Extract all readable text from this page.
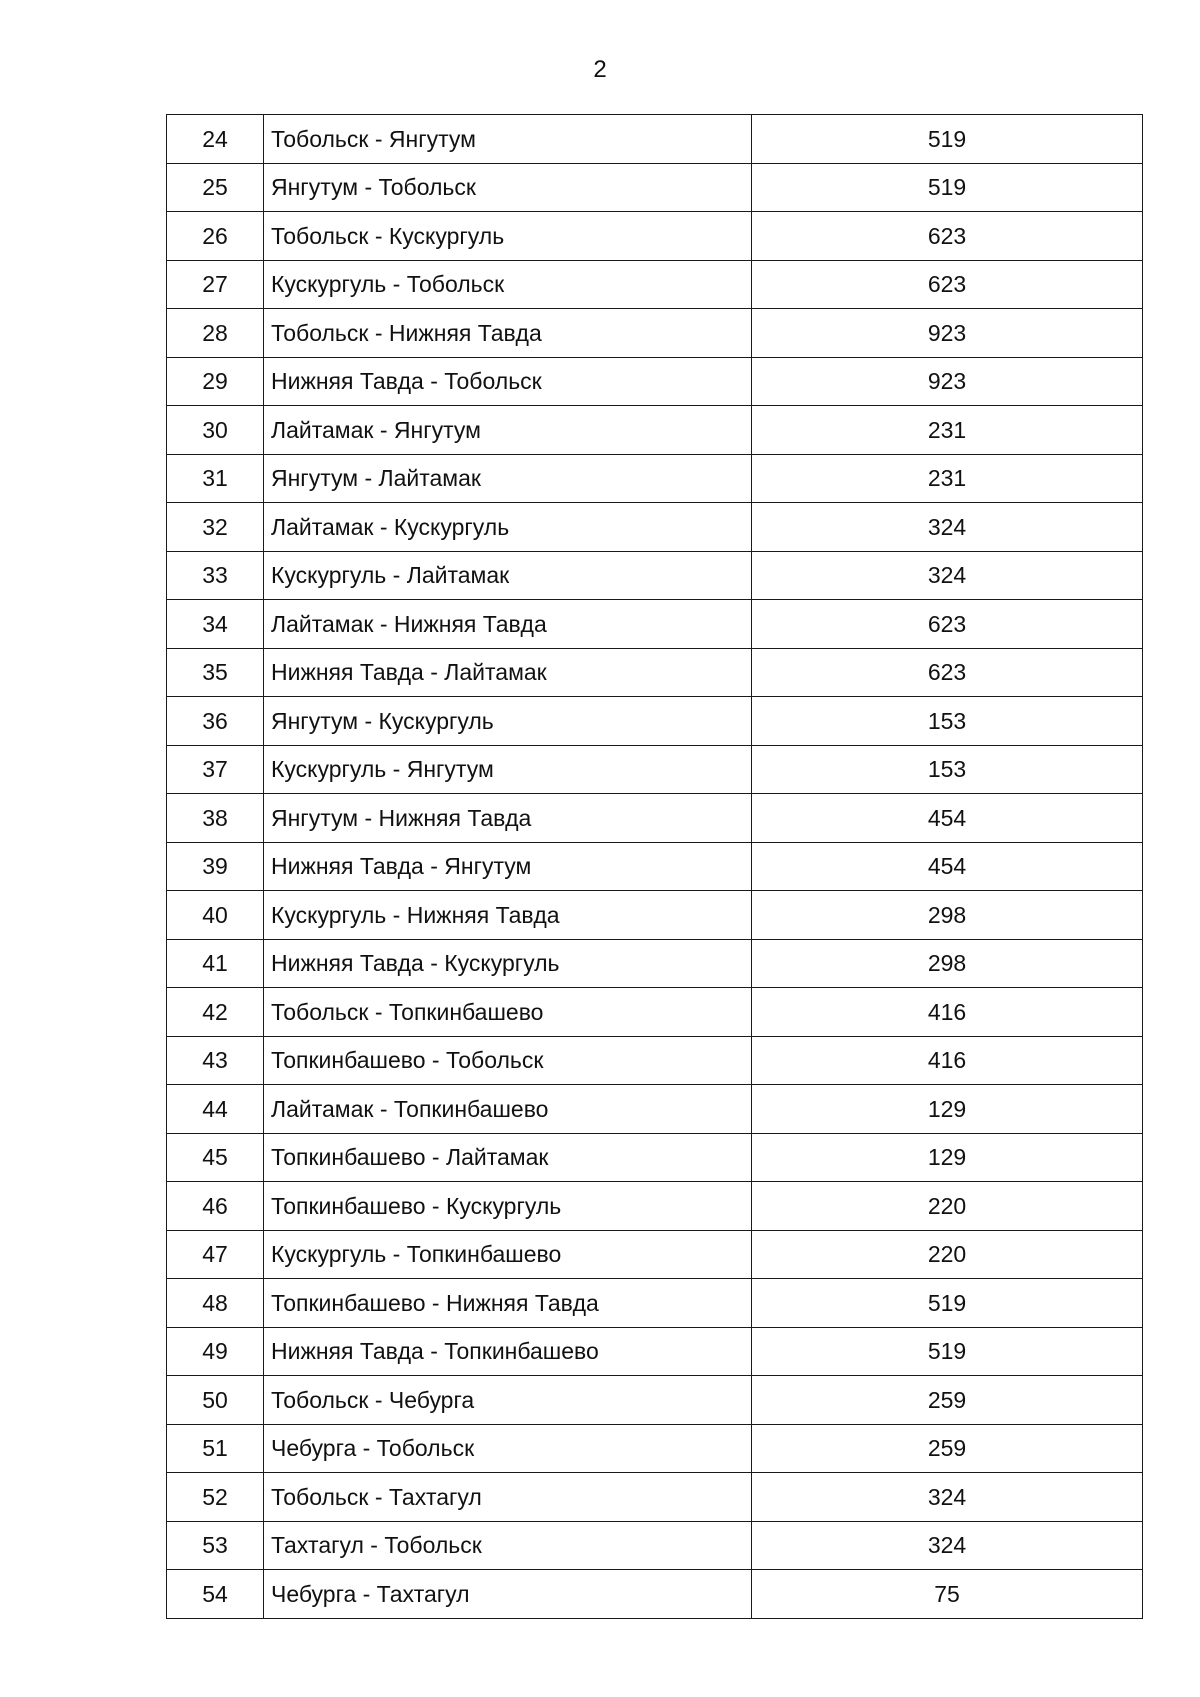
2
24	Тобольск - Янгутум	519
25	Янгутум - Тобольск	519
26	Тобольск - Кускургуль	623
27	Кускургуль - Тобольск	623
28	Тобольск - Нижняя Тавда	923
29	Нижняя Тавда - Тобольск	923
30	Лайтамак - Янгутум	231
31	Янгутум - Лайтамак	231
32	Лайтамак - Кускургуль	324
33	Кускургуль - Лайтамак	324
34	Лайтамак - Нижняя Тавда	623
35	Нижняя Тавда - Лайтамак	623
36	Янгутум - Кускургуль	153
37	Кускургуль - Янгутум	153
38	Янгутум - Нижняя Тавда	454
39	Нижняя Тавда - Янгутум	454
40	Кускургуль - Нижняя Тавда	298
41	Нижняя Тавда - Кускургуль	298
42	Тобольск - Топкинбашево	416
43	Топкинбашево - Тобольск	416
44	Лайтамак - Топкинбашево	129
45	Топкинбашево - Лайтамак	129
46	Топкинбашево - Кускургуль	220
47	Кускургуль - Топкинбашево	220
48	Топкинбашево - Нижняя Тавда	519
49	Нижняя Тавда - Топкинбашево	519
50	Тобольск - Чебурга	259
51	Чебурга - Тобольск	259
52	Тобольск - Тахтагул	324
53	Тахтагул - Тобольск	324
54	Чебурга - Тахтагул	75
